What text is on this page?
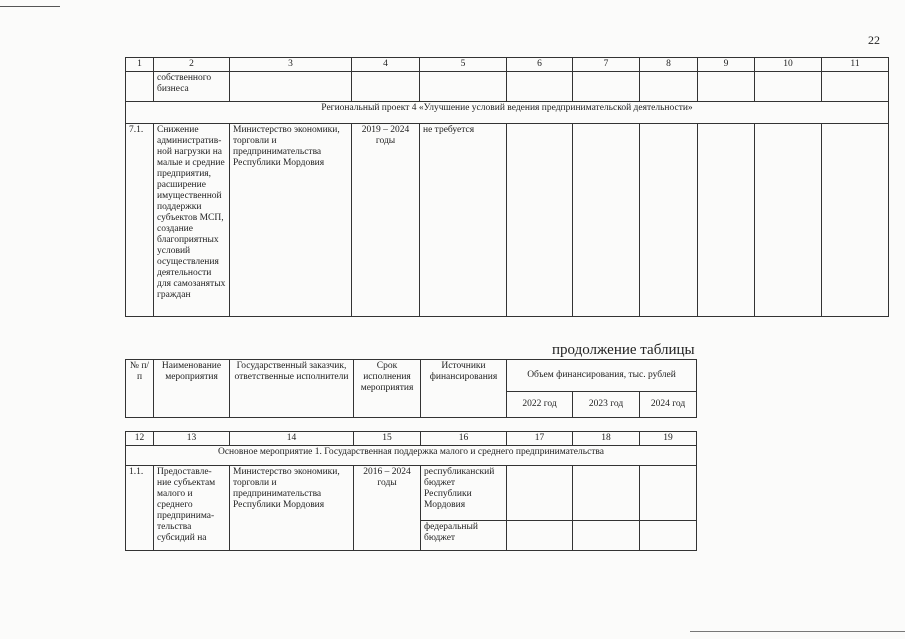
22
1	2	3	4	5	6	7	8	9	10	11
	собственного бизнеса									
Региональный проект 4 «Улучшение условий ведения предпринимательской деятельности»										
7.1.	Снижение административ-ной нагрузки на малые и средние предприятия, расширение имущественной поддержки субъектов МСП, создание благоприятных условий осуществления деятельности для самозанятых граждан	Министерство экономики, торговли и предпринимательства Республики Мордовия	2019 – 2024 годы	не требуется						
продолжение таблицы
№ п/п	Наименование мероприятия	Государственный заказчик, ответственные исполнители	Срок исполнения мероприятия	Источники финансирования	Объем финансирования, тыс. рублей		
					2022 год	2023 год	2024 год
12	13	14	15	16	17	18	19
Основное мероприятие 1. Государственная поддержка малого и среднего предпринимательства							
1.1.	Предоставле-ние субъектам малого и среднего предпринима-тельства субсидий на	Министерство экономики, торговли и предпринимательства Республики Мордовия	2016 – 2024 годы	республиканский бюджет Республики Мордовия			
				федеральный бюджет			
